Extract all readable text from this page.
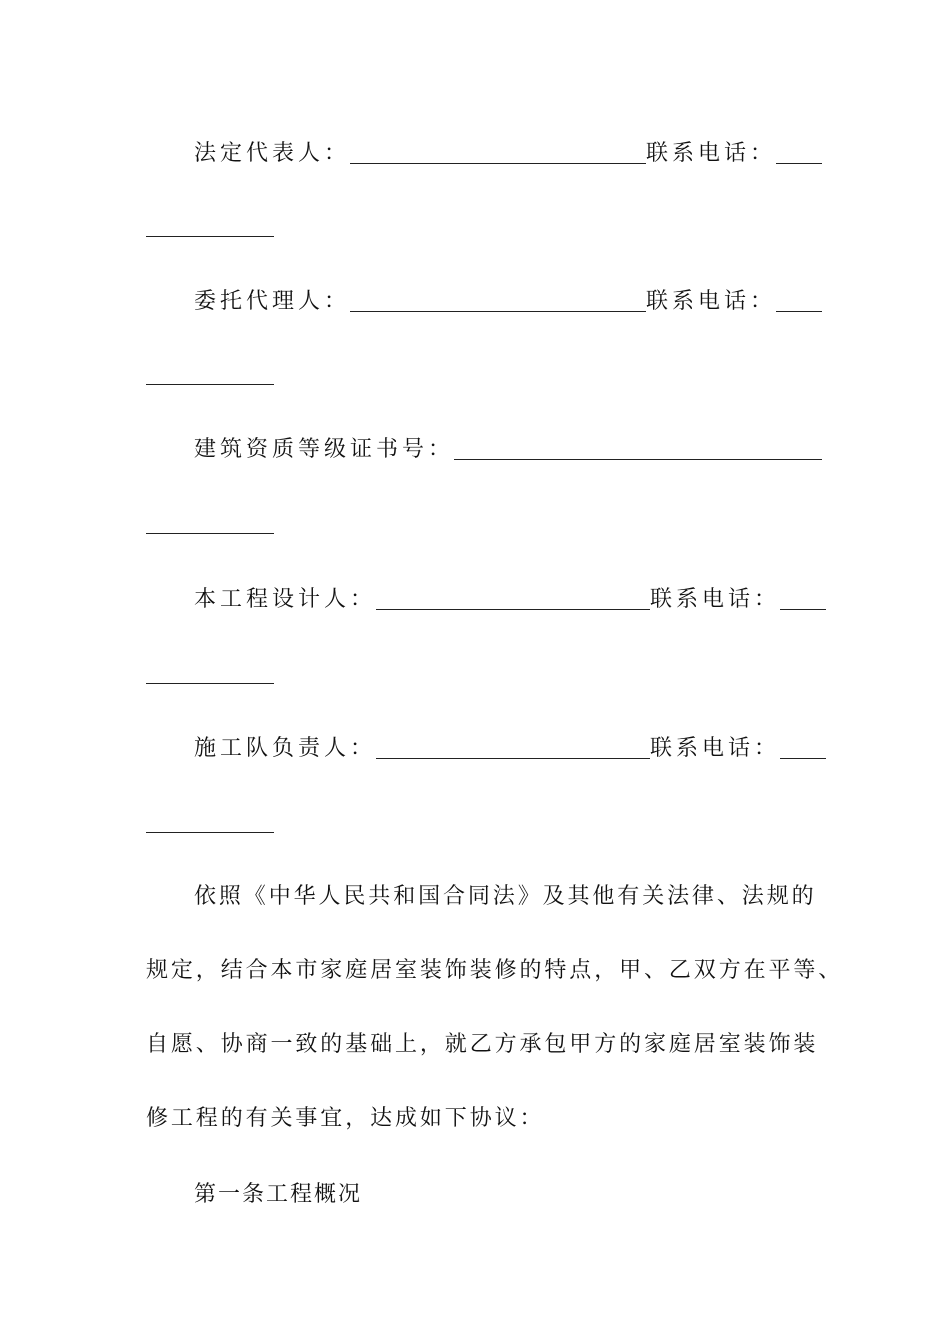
法定代表人：	联系电话：
委托代理人：	联系电话：
建筑资质等级证书号：
本工程设计人：	联系电话：
施工队负责人：	联系电话：
依照《中华人民共和国合同法》及其他有关法律、法规的
规定，结合本市家庭居室装饰装修的特点，甲、乙双方在平等、
自愿、协商一致的基础上，就乙方承包甲方的家庭居室装饰装
修工程的有关事宜，达成如下协议：
第一条工程概况
